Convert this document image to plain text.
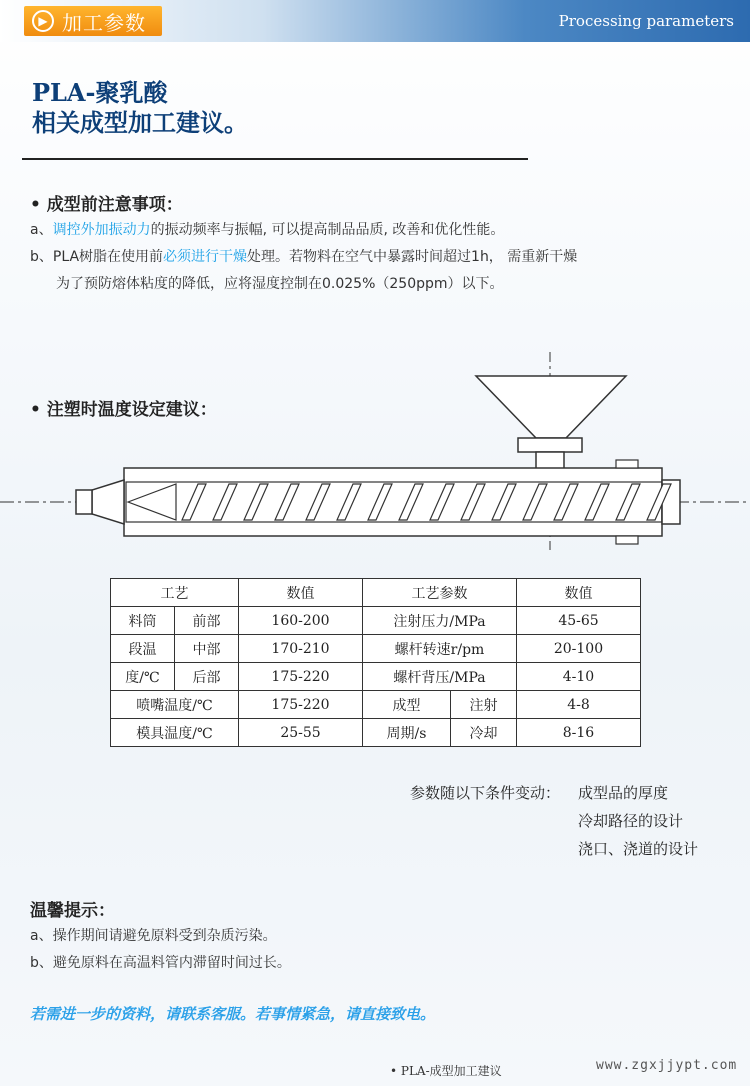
▶ 加工参数	Processing parameters
PLA-聚乳酸
相关成型加工建议。
• 成型前注意事项：
a、调控外加振动力的振动频率与振幅, 可以提高制品品质, 改善和优化性能。
b、PLA树脂在使用前必须进行干燥处理。若物料在空气中暴露时间超过1h， 需重新干燥
为了预防熔体粘度的降低，应将湿度控制在0.025%（250ppm）以下。
• 注塑时温度设定建议：
工艺		数值	工艺参数		数值
料筒	前部	160-200	注射压力/MPa		45-65
段温	中部	170-210	螺杆转速r/pm		20-100
度/℃	后部	175-220	螺杆背压/MPa		4-10
喷嘴温度/℃		175-220	成型	注射	4-8
模具温度/℃		25-55	周期/s	冷却	8-16
参数随以下条件变动： 成型品的厚度
冷却路径的设计
浇口、浇道的设计
温馨提示：
a、操作期间请避免原料受到杂质污染。
b、避免原料在高温料管内滞留时间过长。
若需进一步的资料，请联系客服。若事情紧急，请直接致电。
• PLA-成型加工建议	www.zgxjjypt.com
